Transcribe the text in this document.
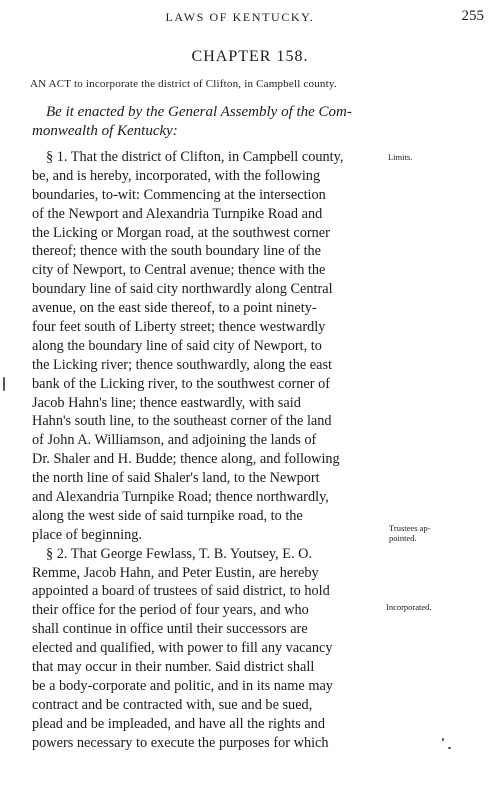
LAWS OF KENTUCKY.	255
CHAPTER 158.
AN ACT to incorporate the district of Clifton, in Campbell county.
Be it enacted by the General Assembly of the Com-
monwealth of Kentucky:
§ 1. That the district of Clifton, in Campbell county,
be, and is hereby, incorporated, with the following
boundaries, to-wit: Commencing at the intersection
of the Newport and Alexandria Turnpike Road and
the Licking or Morgan road, at the southwest corner
thereof; thence with the south boundary line of the
city of Newport, to Central avenue; thence with the
boundary line of said city northwardly along Central
avenue, on the east side thereof, to a point ninety-
four feet south of Liberty street; thence westwardly
along the boundary line of said city of Newport, to
the Licking river; thence southwardly, along the east
bank of the Licking river, to the southwest corner of
Jacob Hahn's line; thence eastwardly, with said
Hahn's south line, to the southeast corner of the land
of John A. Williamson, and adjoining the lands of
Dr. Shaler and H. Budde; thence along, and following
the north line of said Shaler's land, to the Newport
and Alexandria Turnpike Road; thence northwardly,
along the west side of said turnpike road, to the
place of beginning.
§ 2. That George Fewlass, T. B. Youtsey, E. O.
Remme, Jacob Hahn, and Peter Eustin, are hereby
appointed a board of trustees of said district, to hold
their office for the period of four years, and who
shall continue in office until their successors are
elected and qualified, with power to fill any vacancy
that may occur in their number. Said district shall
be a body-corporate and politic, and in its name may
contract and be contracted with, sue and be sued,
plead and be impleaded, and have all the rights and
powers necessary to execute the purposes for which
Limits.
Trustees ap-
pointed.
Incorporated.
